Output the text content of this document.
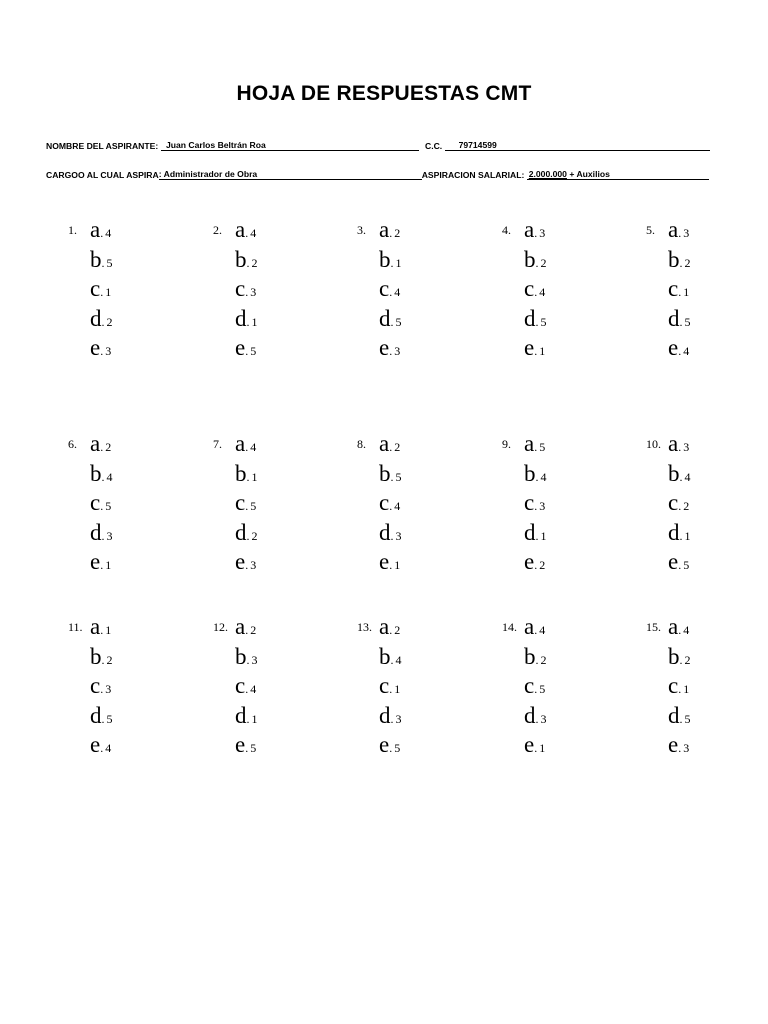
HOJA DE RESPUESTAS CMT
NOMBRE DEL ASPIRANTE: Juan Carlos Beltrán Roa	C.C. 79714599
CARGOO AL CUAL ASPIRA: Administrador de Obra	ASPIRACION SALARIAL: 2.000.000 + Auxilios
1. a. 4
b. 5
c. 1
d. 2
e. 3
2. a. 4
b. 2
c. 3
d. 1
e. 5
3. a. 2
b. 1
c. 4
d. 5
e. 3
4. a. 3
b. 2
c. 4
d. 5
e. 1
5. a. 3
b. 2
c. 1
d. 5
e. 4
6. a. 2
b. 4
c. 5
d. 3
e. 1
7. a. 4
b. 1
c. 5
d. 2
e. 3
8. a. 2
b. 5
c. 4
d. 3
e. 1
9. a. 5
b. 4
c. 3
d. 1
e. 2
10. a. 3
b. 4
c. 2
d. 1
e. 5
11. a. 1
b. 2
c. 3
d. 5
e. 4
12. a. 2
b. 3
c. 4
d. 1
e. 5
13. a. 2
b. 4
c. 1
d. 3
e. 5
14. a. 4
b. 2
c. 5
d. 3
e. 1
15. a. 4
b. 2
c. 1
d. 5
e. 3
